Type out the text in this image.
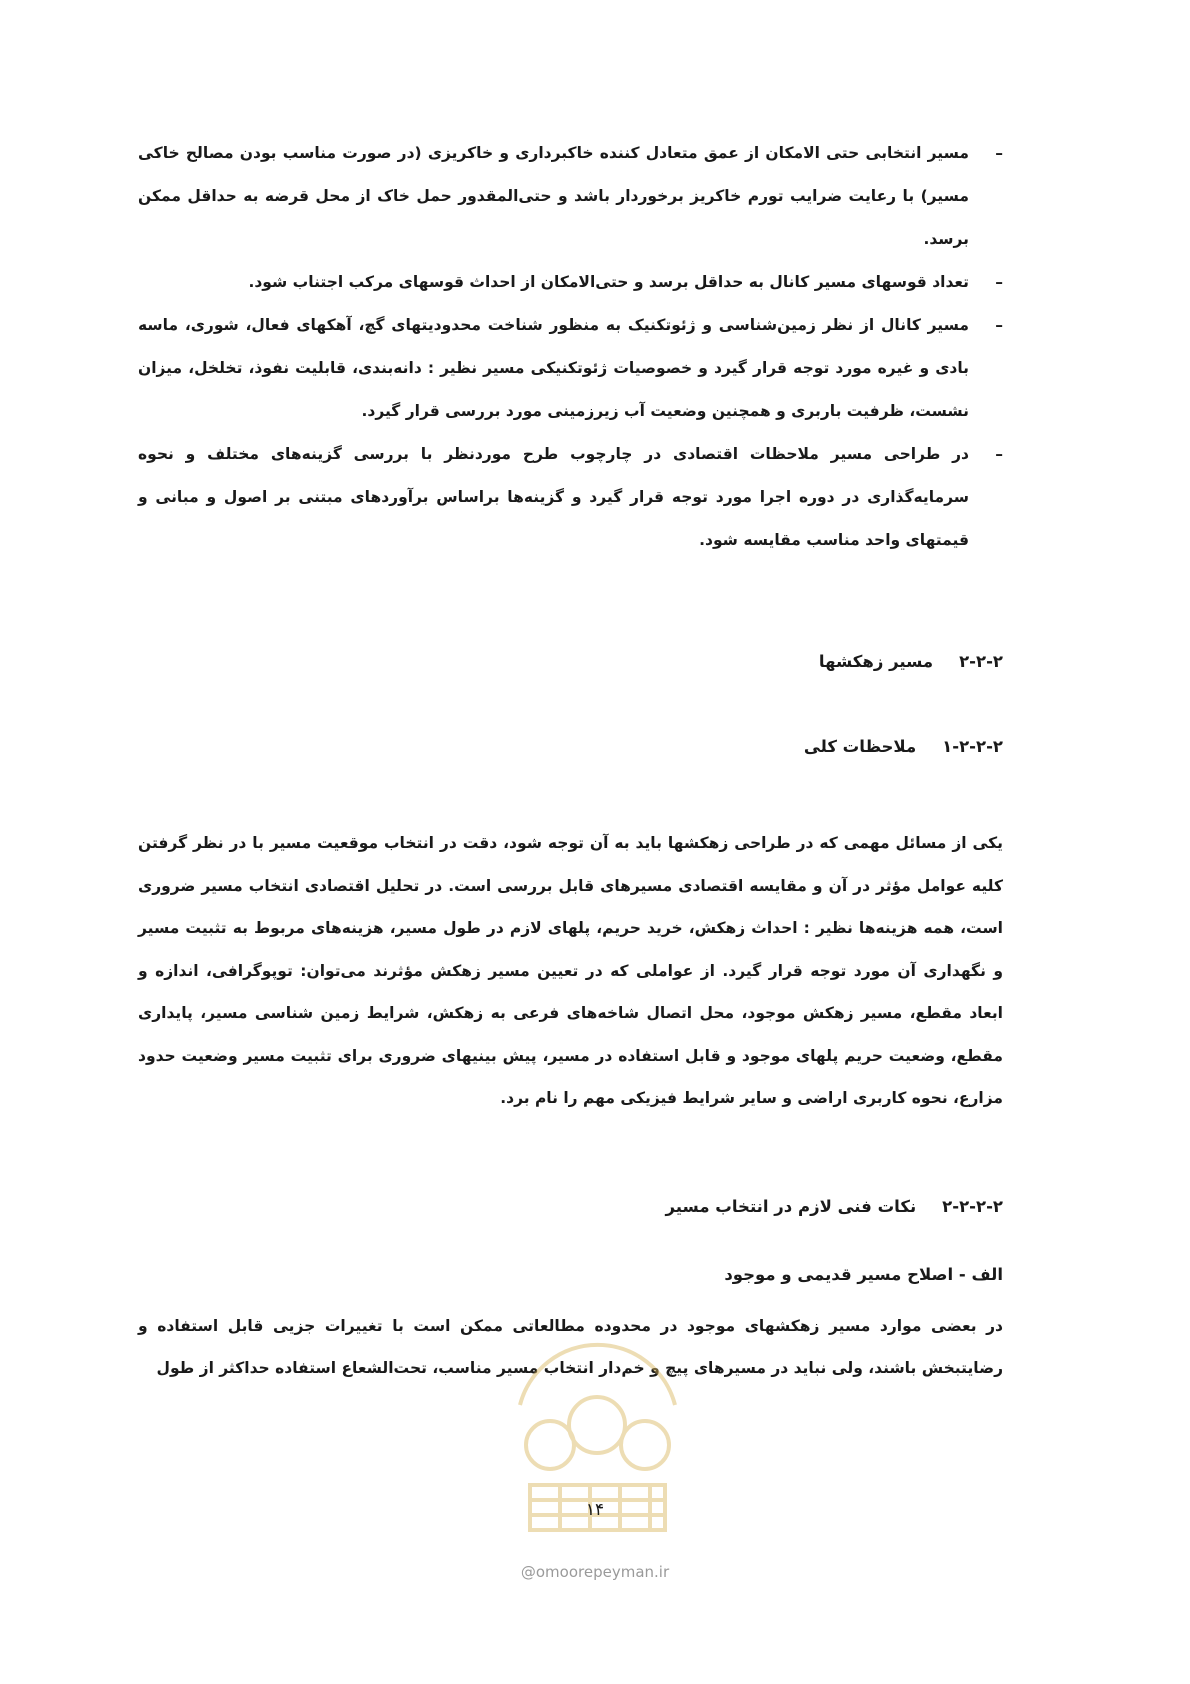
–
مسیر انتخابی حتی الامکان از عمق متعادل کننده خاکبرداری و خاکریزی (در صورت مناسب بودن مصالح خاکی مسیر) با رعایت ضرایب تورم خاکریز برخوردار باشد و حتی‌المقدور حمل خاک از محل قرضه به حداقل ممکن برسد.
–
تعداد قوسهای مسیر کانال به حداقل برسد و حتی‌الامکان از احداث قوسهای مرکب اجتناب شود.
–
مسیر کانال از نظر زمین‌شناسی و ژئوتکنیک به منظور شناخت محدودیتهای گچ، آهکهای فعال، شوری، ماسه بادی و غیره مورد توجه قرار گیرد و خصوصیات ژئوتکنیکی مسیر نظیر : دانه‌بندی، قابلیت نفوذ، تخلخل، میزان نشست، ظرفیت باربری و همچنین وضعیت آب زیرزمینی مورد بررسی قرار گیرد.
–
در طراحی مسیر ملاحظات اقتصادی در چارچوب طرح موردنظر با بررسی گزینه‌های مختلف و نحوه سرمایه‌گذاری در دوره اجرا مورد توجه قرار گیرد و گزینه‌ها براساس برآوردهای مبتنی بر اصول و مبانی و قیمتهای واحد مناسب مقایسه شود.
۲-۲-۲مسیر زهکشها
۱-۲-۲-۲ملاحظات کلی
یکی از مسائل مهمی که در طراحی زهکشها باید به آن توجه شود، دقت در انتخاب موقعیت مسیر با در نظر گرفتن کلیه عوامل مؤثر در آن و مقایسه اقتصادی مسیرهای قابل بررسی است. در تحلیل اقتصادی انتخاب مسیر ضروری است، همه هزینه‌ها نظیر : احداث زهکش، خرید حریم، پلهای لازم در طول مسیر، هزینه‌های مربوط به تثبیت مسیر و نگهداری آن مورد توجه قرار گیرد. از عواملی که در تعیین مسیر زهکش مؤثرند می‌توان: توپوگرافی، اندازه و ابعاد مقطع، مسیر زهکش موجود، محل اتصال شاخه‌های فرعی به زهکش، شرایط زمین شناسی مسیر، پایداری مقطع، وضعیت حریم پلهای موجود و قابل استفاده در مسیر، پیش بینیهای ضروری برای تثبیت مسیر وضعیت حدود مزارع، نحوه کاربری اراضی و سایر شرایط فیزیکی مهم را نام برد.
۲-۲-۲-۲نکات فنی لازم در انتخاب مسیر
الف - اصلاح مسیر قدیمی و موجود
در بعضی موارد مسیر زهکشهای موجود در محدوده مطالعاتی ممکن است با تغییرات جزیی قابل استفاده و رضایتبخش باشند، ولی نباید در مسیرهای پیچ و خم‌دار انتخاب مسیر مناسب، تحت‌الشعاع استفاده حداکثر از طول
۱۴
@omoorepeyman.ir
